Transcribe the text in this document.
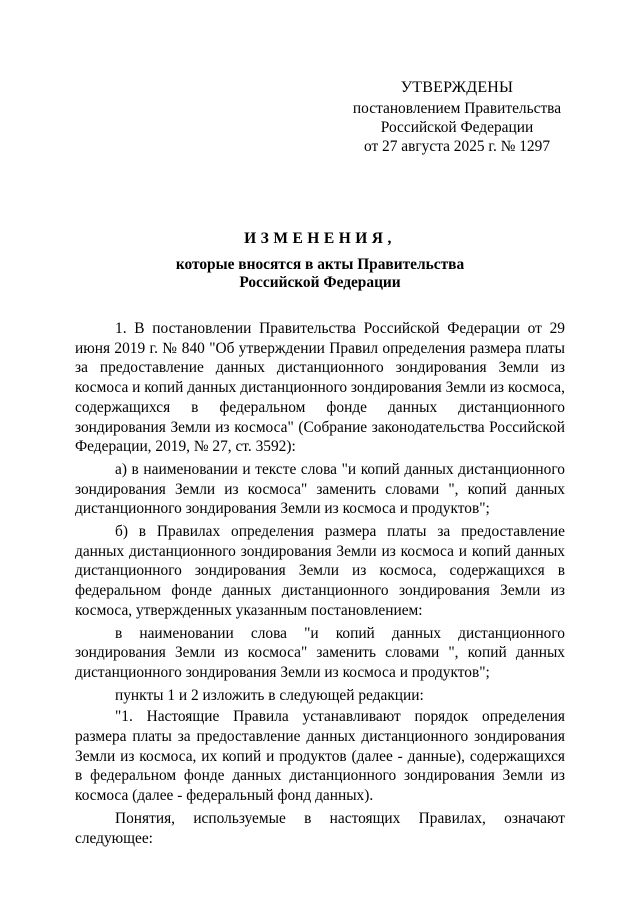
УТВЕРЖДЕНЫ
постановлением Правительства
Российской Федерации
от 27 августа 2025 г. № 1297
ИЗМЕНЕНИЯ,
которые вносятся в акты Правительства
Российской Федерации

1. В постановлении Правительства Российской Федерации от 29 июня 2019 г. № 840 "Об утверждении Правил определения размера платы за предоставление данных дистанционного зондирования Земли из космоса и копий данных дистанционного зондирования Земли из космоса, содержащихся в федеральном фонде данных дистанционного зондирования Земли из космоса" (Собрание законодательства Российской Федерации, 2019, № 27, ст. 3592):

а) в наименовании и тексте слова "и копий данных дистанционного зондирования Земли из космоса" заменить словами ", копий данных дистанционного зондирования Земли из космоса и продуктов";

б) в Правилах определения размера платы за предоставление данных дистанционного зондирования Земли из космоса и копий данных дистанционного зондирования Земли из космоса, содержащихся в федеральном фонде данных дистанционного зондирования Земли из космоса, утвержденных указанным постановлением:

в наименовании слова "и копий данных дистанционного зондирования Земли из космоса" заменить словами ", копий данных дистанционного зондирования Земли из космоса и продуктов";

пункты 1 и 2 изложить в следующей редакции:

"1. Настоящие Правила устанавливают порядок определения размера платы за предоставление данных дистанционного зондирования Земли из космоса, их копий и продуктов (далее - данные), содержащихся в федеральном фонде данных дистанционного зондирования Земли из космоса (далее - федеральный фонд данных).

Понятия, используемые в настоящих Правилах, означают следующее:
